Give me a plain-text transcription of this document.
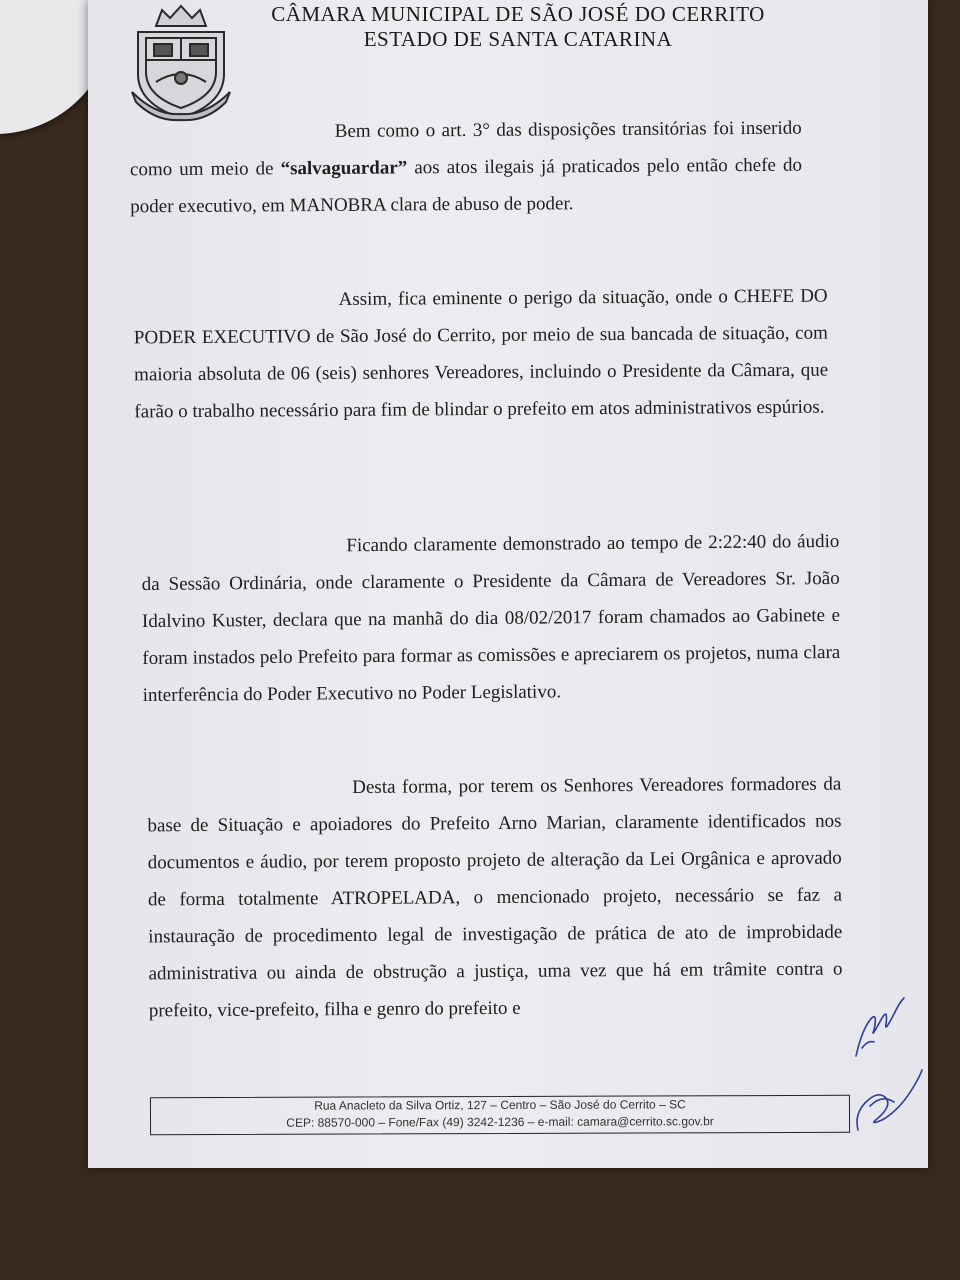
CÂMARA MUNICIPAL DE SÃO JOSÉ DO CERRITO
ESTADO DE SANTA CATARINA
Bem como o art. 3° das disposições transitórias foi inserido como um meio de “salvaguardar” aos atos ilegais já praticados pelo então chefe do poder executivo, em MANOBRA clara de abuso de poder.
Assim, fica eminente o perigo da situação, onde o CHEFE DO PODER EXECUTIVO de São José do Cerrito, por meio de sua bancada de situação, com maioria absoluta de 06 (seis) senhores Vereadores, incluindo o Presidente da Câmara, que farão o trabalho necessário para fim de blindar o prefeito em atos administrativos espúrios.
Ficando claramente demonstrado ao tempo de 2:22:40 do áudio da Sessão Ordinária, onde claramente o Presidente da Câmara de Vereadores Sr. João Idalvino Kuster, declara que na manhã do dia 08/02/2017 foram chamados ao Gabinete e foram instados pelo Prefeito para formar as comissões e apreciarem os projetos, numa clara interferência do Poder Executivo no Poder Legislativo.
Desta forma, por terem os Senhores Vereadores formadores da base de Situação e apoiadores do Prefeito Arno Marian, claramente identificados nos documentos e áudio, por terem proposto projeto de alteração da Lei Orgânica e aprovado de forma totalmente ATROPELADA, o mencionado projeto, necessário se faz a instauração de procedimento legal de investigação de prática de ato de improbidade administrativa ou ainda de obstrução a justiça, uma vez que há em trâmite contra o prefeito, vice-prefeito, filha e genro do prefeito e
Rua Anacleto da Silva Ortiz, 127 – Centro – São José do Cerrito – SC
CEP: 88570-000 – Fone/Fax (49) 3242-1236 – e-mail: camara@cerrito.sc.gov.br
